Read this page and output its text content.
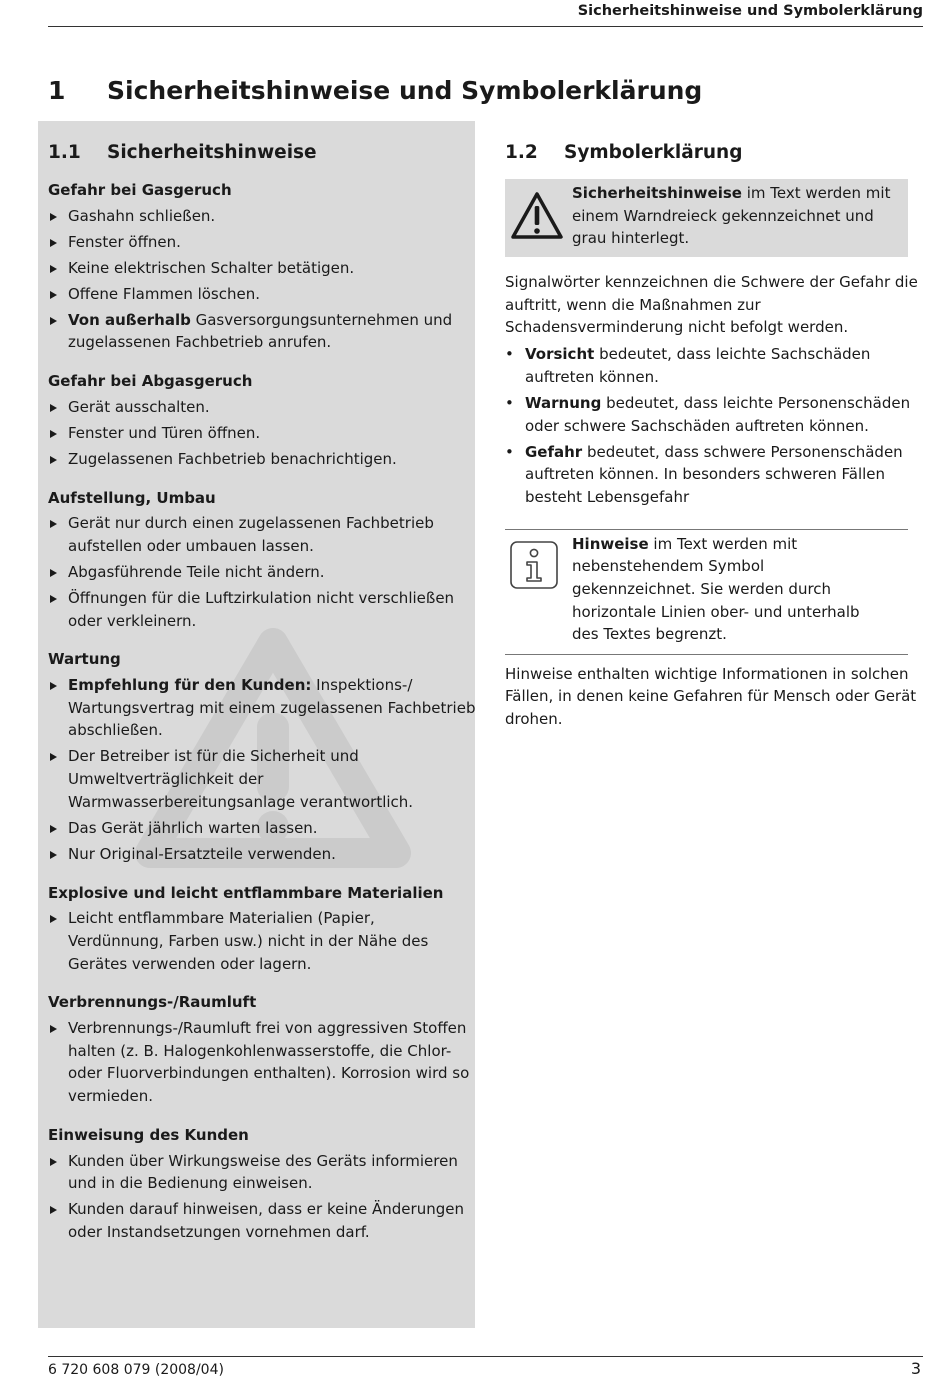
Sicherheitshinweise und Symbolerklärung
1 Sicherheitshinweise und Symbolerklärung
1.1 Sicherheitshinweise
Gefahr bei Gasgeruch
Gashahn schließen.
Fenster öffnen.
Keine elektrischen Schalter betätigen.
Offene Flammen löschen.
Von außerhalb Gasversorgungsunternehmen und
zugelassenen Fachbetrieb anrufen.
Gefahr bei Abgasgeruch
Gerät ausschalten.
Fenster und Türen öffnen.
Zugelassenen Fachbetrieb benachrichtigen.
Aufstellung, Umbau
Gerät nur durch einen zugelassenen Fachbetrieb
aufstellen oder umbauen lassen.
Abgasführende Teile nicht ändern.
Öffnungen für die Luftzirkulation nicht verschließen
oder verkleinern.
Wartung
Empfehlung für den Kunden: Inspektions-/
Wartungsvertrag mit einem zugelassenen Fachbetrieb
abschließen.
Der Betreiber ist für die Sicherheit und
Umweltverträglichkeit der
Warmwasserbereitungsanlage verantwortlich.
Das Gerät jährlich warten lassen.
Nur Original-Ersatzteile verwenden.
Explosive und leicht entflammbare Materialien
Leicht entflammbare Materialien (Papier,
Verdünnung, Farben usw.) nicht in der Nähe des
Gerätes verwenden oder lagern.
Verbrennungs-/Raumluft
Verbrennungs-/Raumluft frei von aggressiven Stoffen
halten (z. B. Halogenkohlenwasserstoffe, die Chlor-
oder Fluorverbindungen enthalten). Korrosion wird so
vermieden.
Einweisung des Kunden
Kunden über Wirkungsweise des Geräts informieren
und in die Bedienung einweisen.
Kunden darauf hinweisen, dass er keine Änderungen
oder Instandsetzungen vornehmen darf.
1.2 Symbolerklärung
Sicherheitshinweise im Text werden mit
einem Warndreieck gekennzeichnet und
grau hinterlegt.

Signalwörter kennzeichnen die Schwere der Gefahr die
auftritt, wenn die Maßnahmen zur
Schadensverminderung nicht befolgt werden.

• Vorsicht bedeutet, dass leichte Sachschäden
auftreten können.
• Warnung bedeutet, dass leichte Personenschäden
oder schwere Sachschäden auftreten können.
• Gefahr bedeutet, dass schwere Personenschäden
auftreten können. In besonders schweren Fällen
besteht Lebensgefahr
Hinweise im Text werden mit
nebenstehendem Symbol
gekennzeichnet. Sie werden durch
horizontale Linien ober- und unterhalb
des Textes begrenzt.

Hinweise enthalten wichtige Informationen in solchen
Fällen, in denen keine Gefahren für Mensch oder Gerät
drohen.

6 720 608 079 (2008/04)	3
